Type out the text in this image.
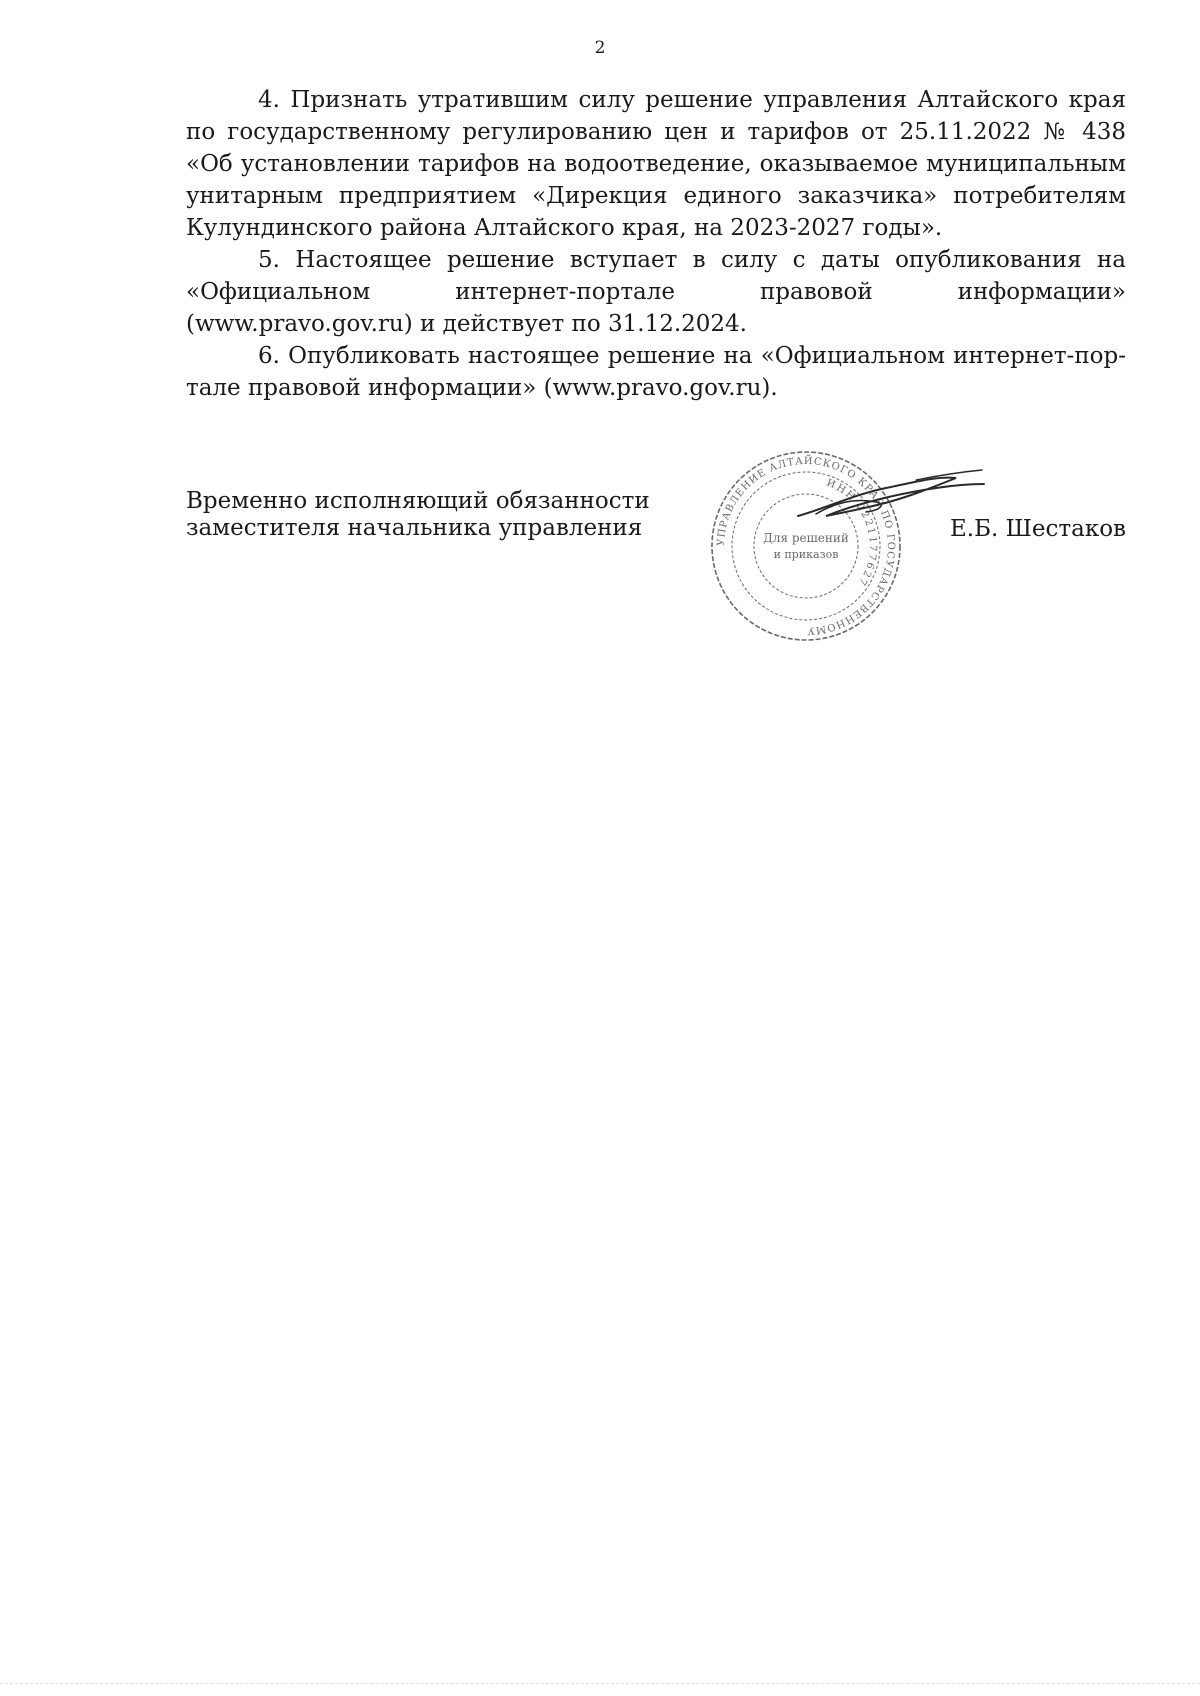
2

4. Признать утратившим силу решение управления Алтайского края по государственному регулированию цен и тарифов от 25.11.2022 № 438 «Об установлении тарифов на водоотведение, оказываемое муниципальным унитарным предприятием «Дирекция единого заказчика» потребителям Кулундинского района Алтайского края, на 2023-2027 годы».

5. Настоящее решение вступает в силу с даты опубликования на «Официальном интернет-портале правовой информации» (www.pravo.gov.ru) и действует по 31.12.2024.

6. Опубликовать настоящее решение на «Официальном интернет-портале правовой информации» (www.pravo.gov.ru).

Временно исполняющий обязанности
заместителя начальника управления
УПРАВЛЕНИЕ АЛТАЙСКОГО КРАЯ ПО ГОСУДАРСТВЕННОМУ
ИНН 2221177627
Для решений
и приказов
Е.Б. Шестаков
